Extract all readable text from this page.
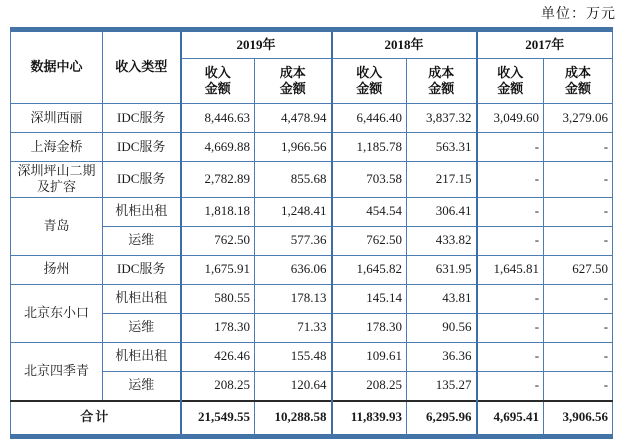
单位：万元
数据中心	收入类型	2019年		2018年		2017年	
		收入金额	成本金额	收入金额	成本金额	收入金额	成本金额
深圳西丽	IDC服务	8,446.63	4,478.94	6,446.40	3,837.32	3,049.60	3,279.06
上海金桥	IDC服务	4,669.88	1,966.56	1,185.78	563.31	-	-
深圳坪山二期及扩容	IDC服务	2,782.89	855.68	703.58	217.15	-	-
青岛	机柜出租	1,818.18	1,248.41	454.54	306.41	-	-
	运维	762.50	577.36	762.50	433.82	-	-
扬州	IDC服务	1,675.91	636.06	1,645.82	631.95	1,645.81	627.50
北京东小口	机柜出租	580.55	178.13	145.14	43.81	-	-
	运维	178.30	71.33	178.30	90.56	-	-
北京四季青	机柜出租	426.46	155.48	109.61	36.36	-	-
	运维	208.25	120.64	208.25	135.27	-	-
合计		21,549.55	10,288.58	11,839.93	6,295.96	4,695.41	3,906.56
